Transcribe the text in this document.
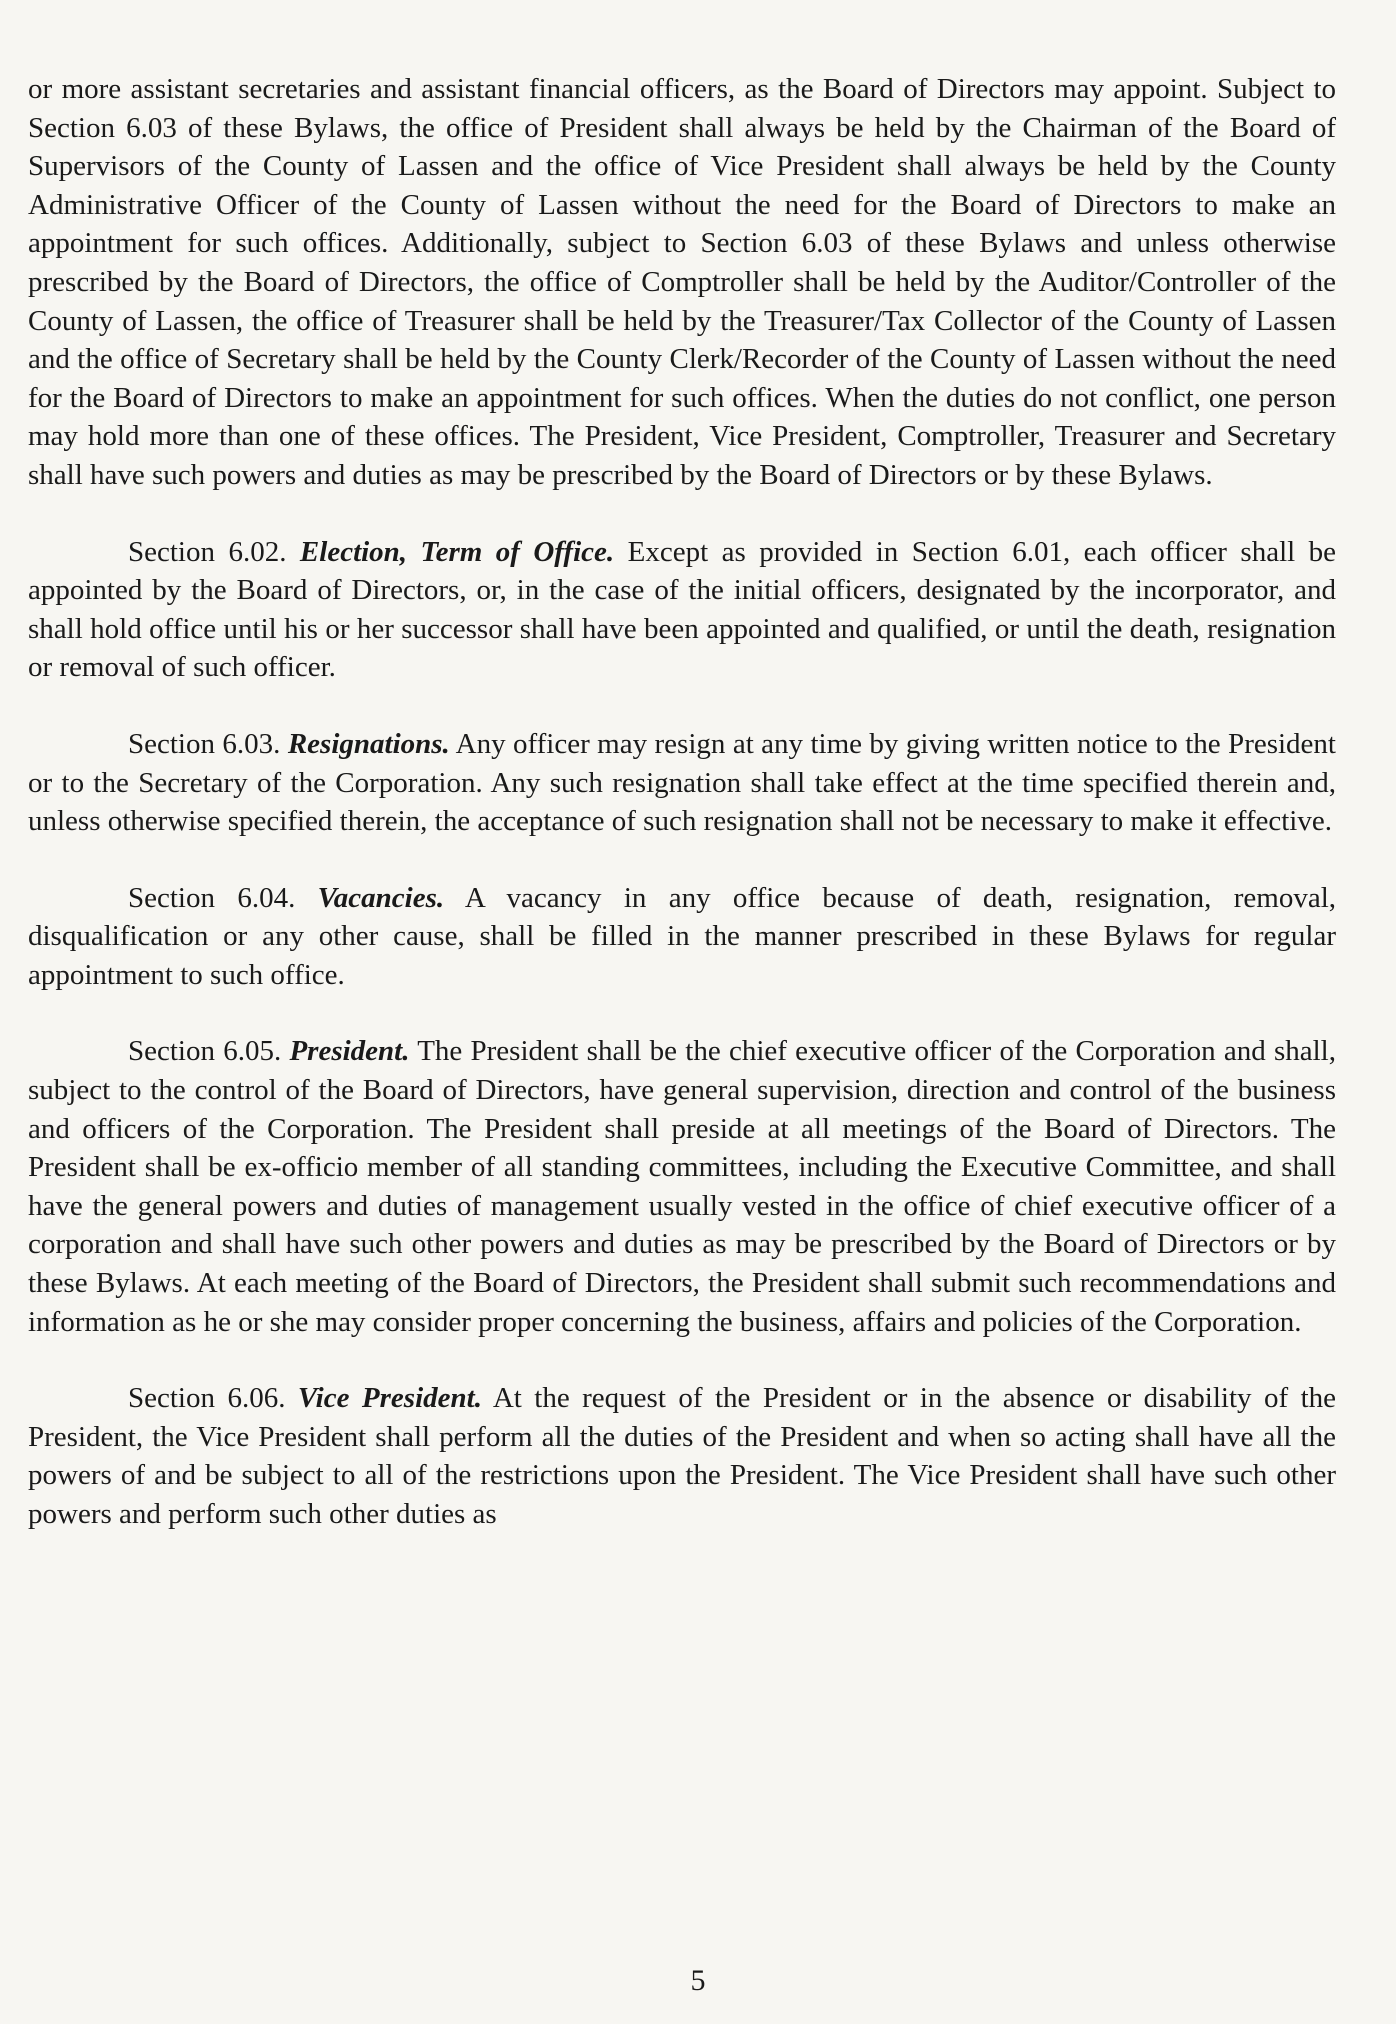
or more assistant secretaries and assistant financial officers, as the Board of Directors may appoint. Subject to Section 6.03 of these Bylaws, the office of President shall always be held by the Chairman of the Board of Supervisors of the County of Lassen and the office of Vice President shall always be held by the County Administrative Officer of the County of Lassen without the need for the Board of Directors to make an appointment for such offices. Additionally, subject to Section 6.03 of these Bylaws and unless otherwise prescribed by the Board of Directors, the office of Comptroller shall be held by the Auditor/Controller of the County of Lassen, the office of Treasurer shall be held by the Treasurer/Tax Collector of the County of Lassen and the office of Secretary shall be held by the County Clerk/Recorder of the County of Lassen without the need for the Board of Directors to make an appointment for such offices. When the duties do not conflict, one person may hold more than one of these offices. The President, Vice President, Comptroller, Treasurer and Secretary shall have such powers and duties as may be prescribed by the Board of Directors or by these Bylaws.

Section 6.02. Election, Term of Office. Except as provided in Section 6.01, each officer shall be appointed by the Board of Directors, or, in the case of the initial officers, designated by the incorporator, and shall hold office until his or her successor shall have been appointed and qualified, or until the death, resignation or removal of such officer.

Section 6.03. Resignations. Any officer may resign at any time by giving written notice to the President or to the Secretary of the Corporation. Any such resignation shall take effect at the time specified therein and, unless otherwise specified therein, the acceptance of such resignation shall not be necessary to make it effective.

Section 6.04. Vacancies. A vacancy in any office because of death, resignation, removal, disqualification or any other cause, shall be filled in the manner prescribed in these Bylaws for regular appointment to such office.

Section 6.05. President. The President shall be the chief executive officer of the Corporation and shall, subject to the control of the Board of Directors, have general supervision, direction and control of the business and officers of the Corporation. The President shall preside at all meetings of the Board of Directors. The President shall be ex-officio member of all standing committees, including the Executive Committee, and shall have the general powers and duties of management usually vested in the office of chief executive officer of a corporation and shall have such other powers and duties as may be prescribed by the Board of Directors or by these Bylaws. At each meeting of the Board of Directors, the President shall submit such recommendations and information as he or she may consider proper concerning the business, affairs and policies of the Corporation.

Section 6.06. Vice President. At the request of the President or in the absence or disability of the President, the Vice President shall perform all the duties of the President and when so acting shall have all the powers of and be subject to all of the restrictions upon the President. The Vice President shall have such other powers and perform such other duties as

5
